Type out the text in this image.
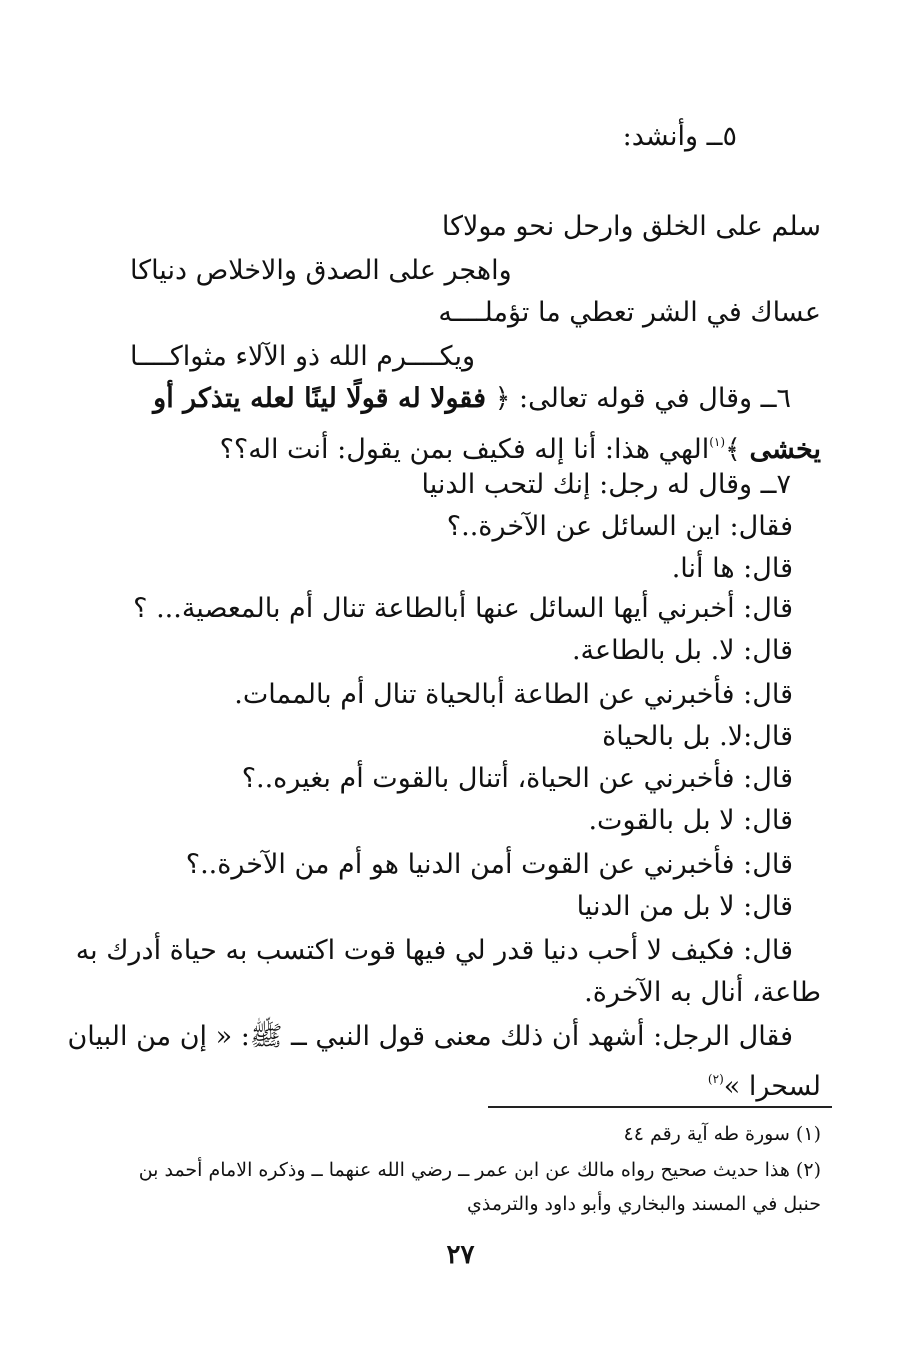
٥ــ وأنشد:
سلم على الخلق وارحل نحو مولاكا
واهجر على الصدق والاخلاص دنياكا
عساك في الشر تعطي ما تؤملــــه
ويكــــرم الله ذو الآلاء مثواكــــا
٦ــ وقال في قوله تعالى: ﴿ فقولا له قولًا لينًا لعله يتذكر أو
يخشى ﴾$^{(١)}$الهي هذا: أنا إله فكيف بمن يقول: أنت اله؟؟
٧ــ وقال له رجل: إنك لتحب الدنيا
فقال: اين السائل عن الآخرة..؟
قال: ها أنا.
قال: أخبرني أيها السائل عنها أبالطاعة تنال أم بالمعصية... ؟
قال: لا. بل بالطاعة.
قال: فأخبرني عن الطاعة أبالحياة تنال أم بالممات.
قال:لا. بل بالحياة
قال: فأخبرني عن الحياة، أتنال بالقوت أم بغيره..؟
قال: لا بل بالقوت.
قال: فأخبرني عن القوت أمن الدنيا هو أم من الآخرة..؟
قال: لا بل من الدنيا
قال: فكيف لا أحب دنيا قدر لي فيها قوت اكتسب به حياة أدرك به
طاعة، أنال به الآخرة.
فقال الرجل: أشهد أن ذلك معنى قول النبي ــ ﷺ: « إن من البيان
لسحرا »$^{(٢)}$
(١) سورة طه آية رقم ٤٤
(٢) هذا حديث صحيح رواه مالك عن ابن عمر ــ رضي الله عنهما ــ وذكره الامام أحمد بن
حنبل في المسند والبخاري وأبو داود والترمذي
٢٧
